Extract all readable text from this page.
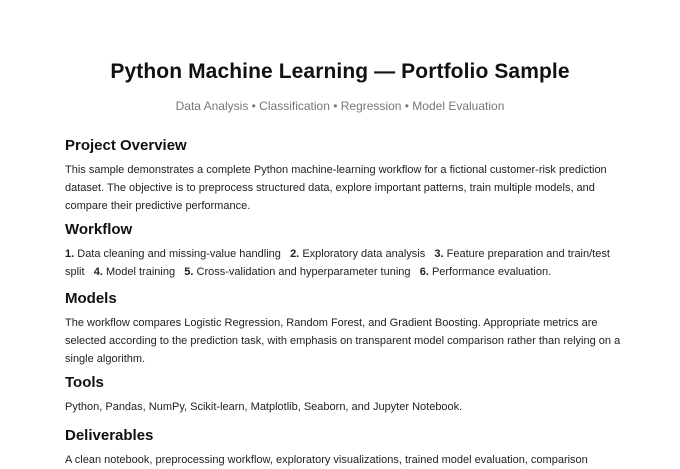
Python Machine Learning — Portfolio Sample
Data Analysis • Classification • Regression • Model Evaluation
Project Overview

This sample demonstrates a complete Python machine-learning workflow for a fictional customer-risk prediction dataset. The objective is to preprocess structured data, explore important patterns, train multiple models, and compare their predictive performance.

Workflow

1. Data cleaning and missing-value handling 2. Exploratory data analysis 3. Feature preparation and train/test split 4. Model training 5. Cross-validation and hyperparameter tuning 6. Performance evaluation.

Models

The workflow compares Logistic Regression, Random Forest, and Gradient Boosting. Appropriate metrics are selected according to the prediction task, with emphasis on transparent model comparison rather than relying on a single algorithm.

Tools

Python, Pandas, NumPy, Scikit-learn, Matplotlib, Seaborn, and Jupyter Notebook.

Deliverables

A clean notebook, preprocessing workflow, exploratory visualizations, trained model evaluation, comparison
